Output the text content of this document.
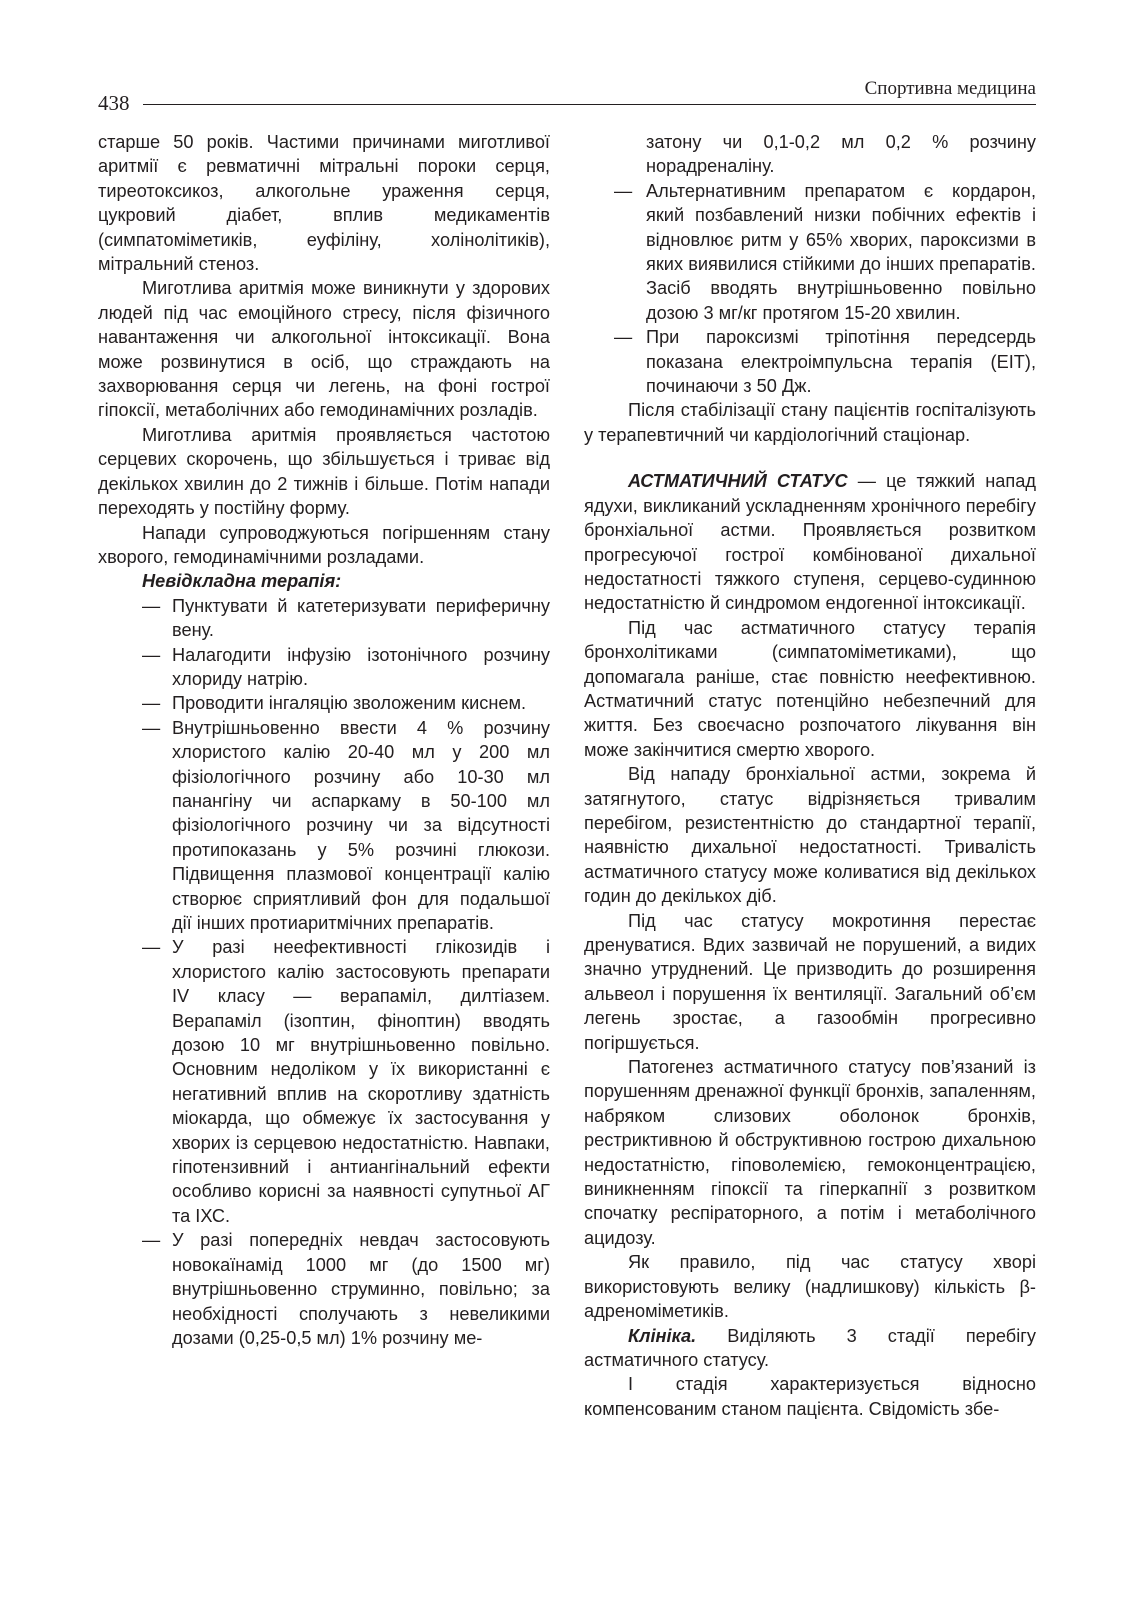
438
Спортивна медицина

старше 50 років. Частими причинами миготливої аритмії є ревматичні мітральні пороки серця, тиреотоксикоз, алкогольне ураження серця, цукровий діабет, вплив медикаментів (симпатоміметиків, еуфіліну, холінолітиків), мітральний стеноз.

Миготлива аритмія може виникнути у здорових людей під час емоційного стресу, після фізичного навантаження чи алкогольної інтоксикації. Вона може розвинутися в осіб, що страждають на захворювання серця чи легень, на фоні гострої гіпоксії, метаболічних або гемодинамічних розладів.

Миготлива аритмія проявляється частотою серцевих скорочень, що збільшується і триває від декількох хвилин до 2 тижнів і більше. Потім напади переходять у постійну форму.

Напади супроводжуються погіршенням стану хворого, гемодинамічними розладами.

Невідкладна терапія:

— Пунктувати й катетеризувати периферичну вену.
— Налагодити інфузію ізотонічного розчину хлориду натрію.
— Проводити інгаляцію зволоженим киснем.
— Внутрішньовенно ввести 4 % розчину хлористого калію 20-40 мл у 200 мл фізіологічного розчину або 10-30 мл панангіну чи аспаркаму в 50-100 мл фізіологічного розчину чи за відсутності протипоказань у 5% розчині глюкози. Підвищення плазмової концентрації калію створює сприятливий фон для подальшої дії інших протиаритмічних препаратів.
— У разі неефективності глікозидів і хлористого калію застосовують препарати IV класу — верапаміл, дилтіазем. Верапаміл (ізоптин, фіноптин) вводять дозою 10 мг внутрішньовенно повільно. Основним недоліком у їх використанні є негативний вплив на скоротливу здатність міокарда, що обмежує їх застосування у хворих із серцевою недостатністю. Навпаки, гіпотензивний і антиангінальний ефекти особливо корисні за наявності супутньої АГ та ІХС.
— У разі попередніх невдач застосовують новокаїнамід 1000 мг (до 1500 мг) внутрішньовенно струминно, повільно; за необхідності сполучають з невеликими дозами (0,25-0,5 мл) 1% розчину ме-
затону чи 0,1-0,2 мл 0,2 % розчину норадреналіну.
— Альтернативним препаратом є кордарон, який позбавлений низки побічних ефектів і відновлює ритм у 65% хворих, пароксизми в яких виявилися стійкими до інших препаратів. Засіб вводять внутрішньовенно повільно дозою 3 мг/кг протягом 15-20 хвилин.
— При пароксизмі тріпотіння передсердь показана електроімпульсна терапія (ЕІТ), починаючи з 50 Дж.

Після стабілізації стану пацієнтів госпіталізують у терапевтичний чи кардіологічний стаціонар.

АСТМАТИЧНИЙ СТАТУС — це тяжкий напад ядухи, викликаний ускладненням хронічного перебігу бронхіальної астми. Проявляється розвитком прогресуючої гострої комбінованої дихальної недостатності тяжкого ступеня, серцево-судинною недостатністю й синдромом ендогенної інтоксикації.

Під час астматичного статусу терапія бронхолітиками (симпатоміметиками), що допомагала раніше, стає повністю неефективною. Астматичний статус потенційно небезпечний для життя. Без своєчасно розпочатого лікування він може закінчитися смертю хворого.

Від нападу бронхіальної астми, зокрема й затягнутого, статус відрізняється тривалим перебігом, резистентністю до стандартної терапії, наявністю дихальної недостатності. Тривалість астматичного статусу може коливатися від декількох годин до декількох діб.

Під час статусу мокротиння перестає дренуватися. Вдих зазвичай не порушений, а видих значно утруднений. Це призводить до розширення альвеол і порушення їх вентиляції. Загальний об’єм легень зростає, а газообмін прогресивно погіршується.

Патогенез астматичного статусу пов’язаний із порушенням дренажної функції бронхів, запаленням, набряком слизових оболонок бронхів, рестриктивною й обструктивною гострою дихальною недостатністю, гіповолемією, гемоконцентрацією, виникненням гіпоксії та гіперкапнії з розвитком спочатку респіраторного, а потім і метаболічного ацидозу.

Як правило, під час статусу хворі використовують велику (надлишкову) кількість β-адреноміметиків.

Клініка. Виділяють 3 стадії перебігу астматичного статусу.

I стадія характеризується відносно компенсованим станом пацієнта. Свідомість збе-
